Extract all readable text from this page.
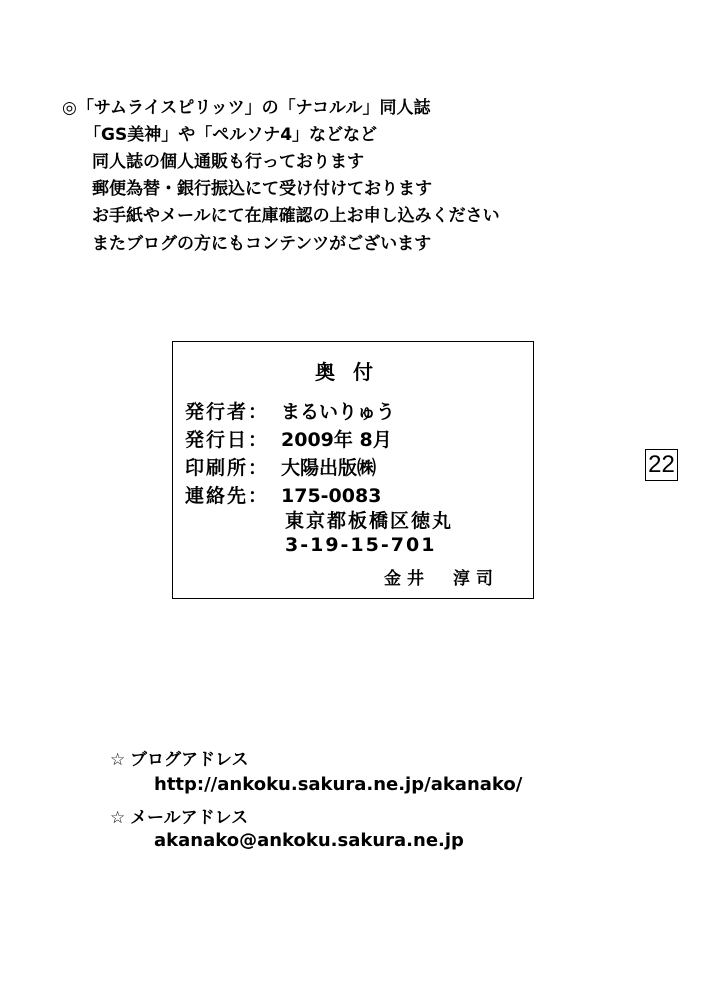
◎「サムライスピリッツ」の「ナコルル」同人誌
「GS美神」や「ペルソナ4」などなど
同人誌の個人通販も行っております
郵便為替・銀行振込にて受け付けております
お手紙やメールにて在庫確認の上お申し込みください
またブログの方にもコンテンツがございます
奥付
発行者： まるいりゅう
発行日： 2009年 8月
印刷所： 大陽出版㈱
連絡先： 175-0083
東京都板橋区徳丸
3-19-15-701
金井　淳司
22
☆ ブログアドレス
http://ankoku.sakura.ne.jp/akanako/
☆ メールアドレス
akanako@ankoku.sakura.ne.jp
